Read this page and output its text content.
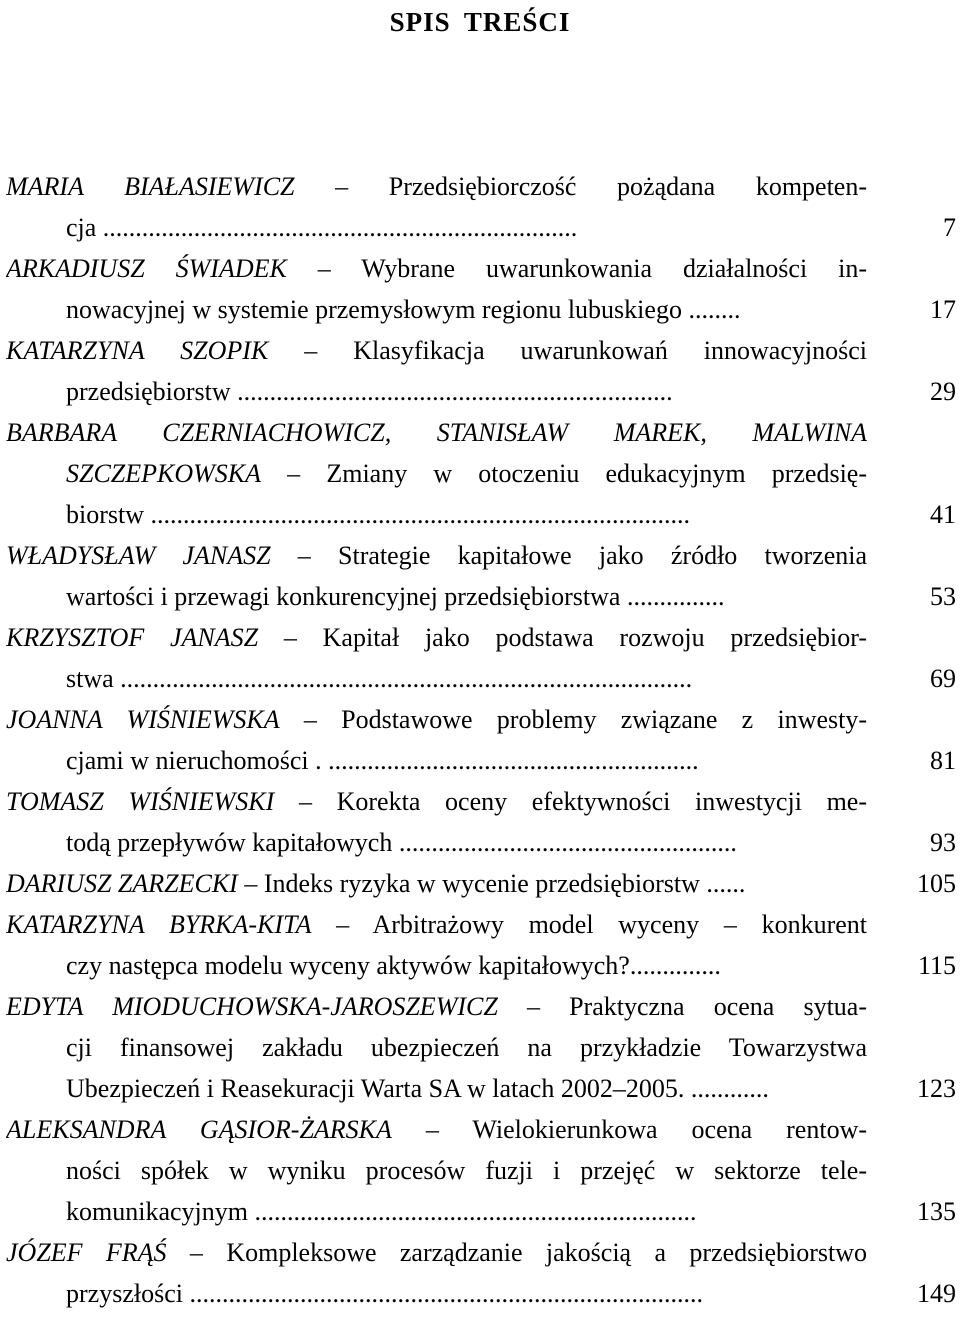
SPIS TREŚCI
MARIA BIAŁASIEWICZ – Przedsiębiorczość pożądana kompeten-
cja .........................................................................	7
ARKADIUSZ ŚWIADEK – Wybrane uwarunkowania działalności in-
nowacyjnej w systemie przemysłowym regionu lubuskiego ........	17
KATARZYNA SZOPIK – Klasyfikacja uwarunkowań innowacyjności
przedsiębiorstw ...................................................................	29
BARBARA CZERNIACHOWICZ, STANISŁAW MAREK, MALWINA
SZCZEPKOWSKA – Zmiany w otoczeniu edukacyjnym przedsię-
biorstw ...................................................................................	41
WŁADYSŁAW JANASZ – Strategie kapitałowe jako źródło tworzenia
wartości i przewagi konkurencyjnej przedsiębiorstwa ...............	53
KRZYSZTOF JANASZ – Kapitał jako podstawa rozwoju przedsiębior-
stwa ........................................................................................	69
JOANNA WIŚNIEWSKA – Podstawowe problemy związane z inwesty-
cjami w nieruchomości . .........................................................	81
TOMASZ WIŚNIEWSKI – Korekta oceny efektywności inwestycji me-
todą przepływów kapitałowych ....................................................	93
DARIUSZ ZARZECKI – Indeks ryzyka w wycenie przedsiębiorstw ......	105
KATARZYNA BYRKA-KITA – Arbitrażowy model wyceny – konkurent
czy następca modelu wyceny aktywów kapitałowych?..............	115
EDYTA MIODUCHOWSKA-JAROSZEWICZ – Praktyczna ocena sytua-
cji finansowej zakładu ubezpieczeń na przykładzie Towarzystwa
Ubezpieczeń i Reasekuracji Warta SA w latach 2002–2005. ............	123
ALEKSANDRA GĄSIOR-ŻARSKA – Wielokierunkowa ocena rentow-
ności spółek w wyniku procesów fuzji i przejęć w sektorze tele-
komunikacyjnym ....................................................................	135
JÓZEF FRĄŚ – Kompleksowe zarządzanie jakością a przedsiębiorstwo
przyszłości ...............................................................................	149
